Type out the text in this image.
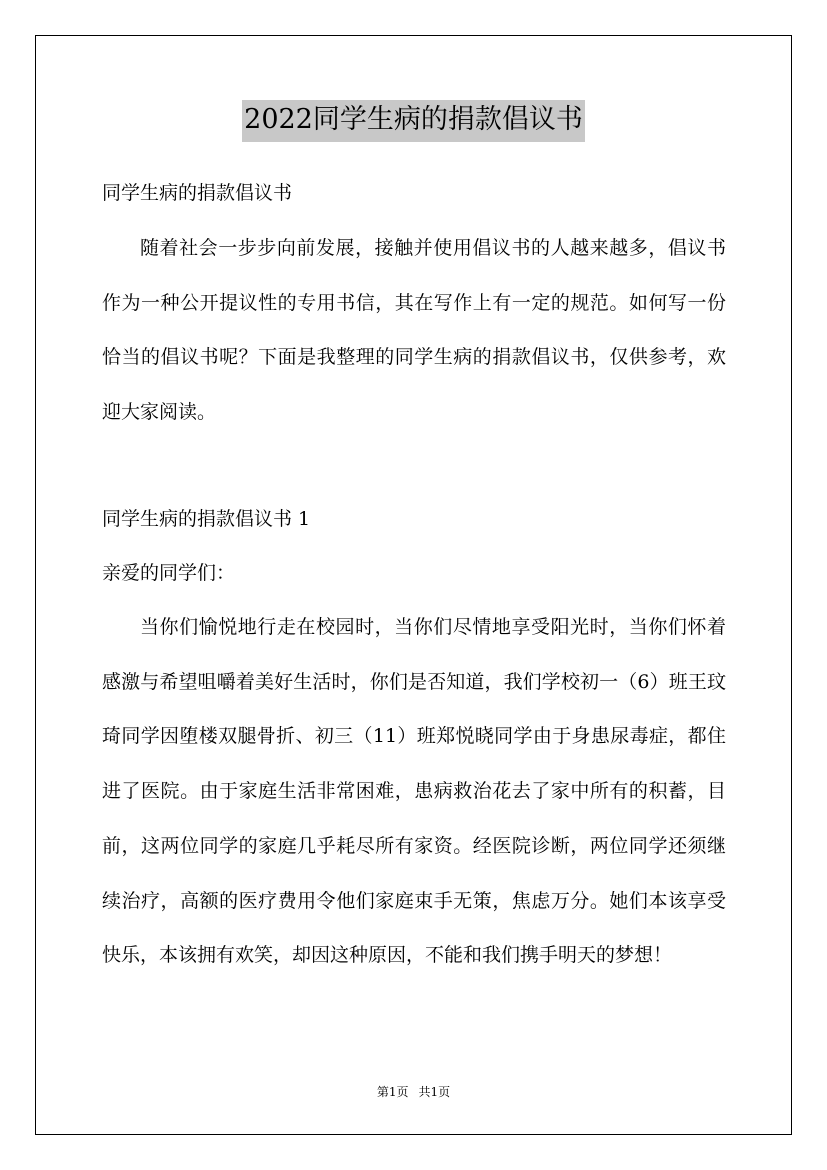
2022同学生病的捐款倡议书
同学生病的捐款倡议书
随着社会一步步向前发展，接触并使用倡议书的人越来越多，倡议书作为一种公开提议性的专用书信，其在写作上有一定的规范。如何写一份恰当的倡议书呢？下面是我整理的同学生病的捐款倡议书，仅供参考，欢迎大家阅读。
同学生病的捐款倡议书 1
亲爱的同学们：
当你们愉悦地行走在校园时，当你们尽情地享受阳光时，当你们怀着感激与希望咀嚼着美好生活时，你们是否知道，我们学校初一（6）班王玟琦同学因堕楼双腿骨折、初三（11）班郑悦晓同学由于身患尿毒症，都住进了医院。由于家庭生活非常困难，患病救治花去了家中所有的积蓄，目前，这两位同学的家庭几乎耗尽所有家资。经医院诊断，两位同学还须继续治疗，高额的医疗费用令他们家庭束手无策，焦虑万分。她们本该享受快乐，本该拥有欢笑，却因这种原因，不能和我们携手明天的梦想！
第1页 共1页
